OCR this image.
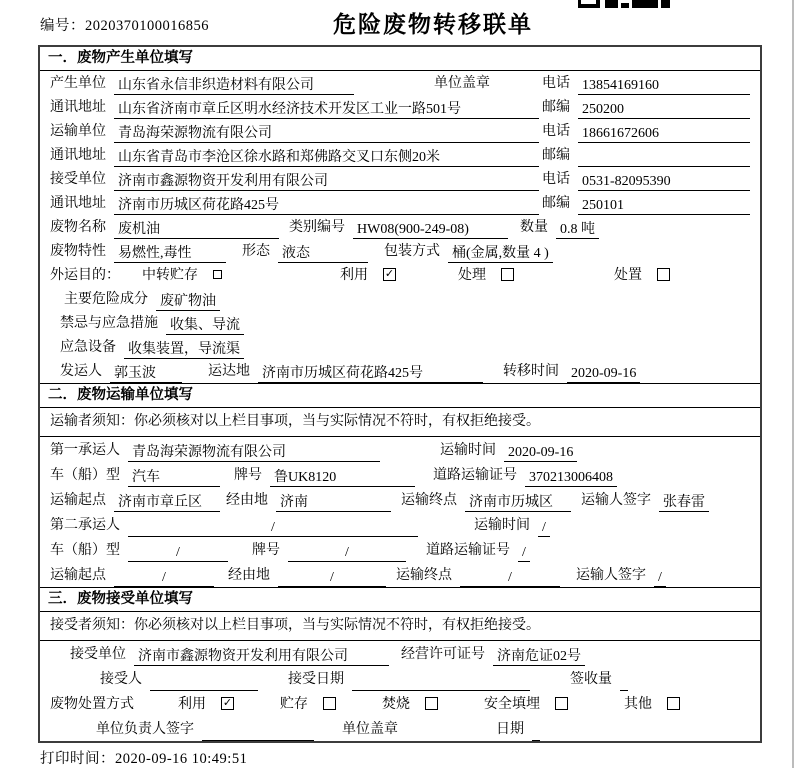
编号：2020370100016856	危险废物转移联单
一．废物产生单位填写
产生单位 山东省永信非织造材料有限公司	单位盖章	电话 13854169160
通讯地址 山东省济南市章丘区明水经济技术开发区工业一路501号	邮编 250200
运输单位 青岛海荣源物流有限公司	电话 18661672606
通讯地址 山东省青岛市李沧区徐水路和郑佛路交叉口东侧20米	邮编
接受单位 济南市鑫源物资开发利用有限公司	电话 0531-82095390
通讯地址 济南市历城区荷花路425号	邮编 250101
废物名称 废机油	类别编号 HW08(900-249-08)	数量 0.8 吨
废物特性 易燃性,毒性	形态 液态	包装方式 桶(金属,数量 4 )
外运目的： 中转贮存	利用 ✓	处理	处置
主要危险成分 废矿物油
禁忌与应急措施 收集、导流
应急设备 收集装置，导流渠
发运人 郭玉波	运达地 济南市历城区荷花路425号	转移时间 2020-09-16
二．废物运输单位填写
运输者须知：你必须核对以上栏目事项，当与实际情况不符时，有权拒绝接受。
第一承运人 青岛海荣源物流有限公司	运输时间 2020-09-16
车（船）型 汽车	牌号 鲁UK8120	道路运输证号 370213006408
运输起点 济南市章丘区	经由地 济南	运输终点 济南市历城区	运输人签字 张春雷
第二承运人	/	运输时间 /
车（船）型	/	牌号	/	道路运输证号 /
运输起点	/	经由地	/	运输终点	/	运输人签字 /
三．废物接受单位填写
接受者须知：你必须核对以上栏目事项，当与实际情况不符时，有权拒绝接受。
接受单位 济南市鑫源物资开发利用有限公司	经营许可证号 济南危证02号
接受人	接受日期	签收量
废物处置方式	利用 ✓	贮存	焚烧	安全填埋	其他
单位负责人签字	单位盖章	日期
打印时间：2020-09-16 10:49:51
